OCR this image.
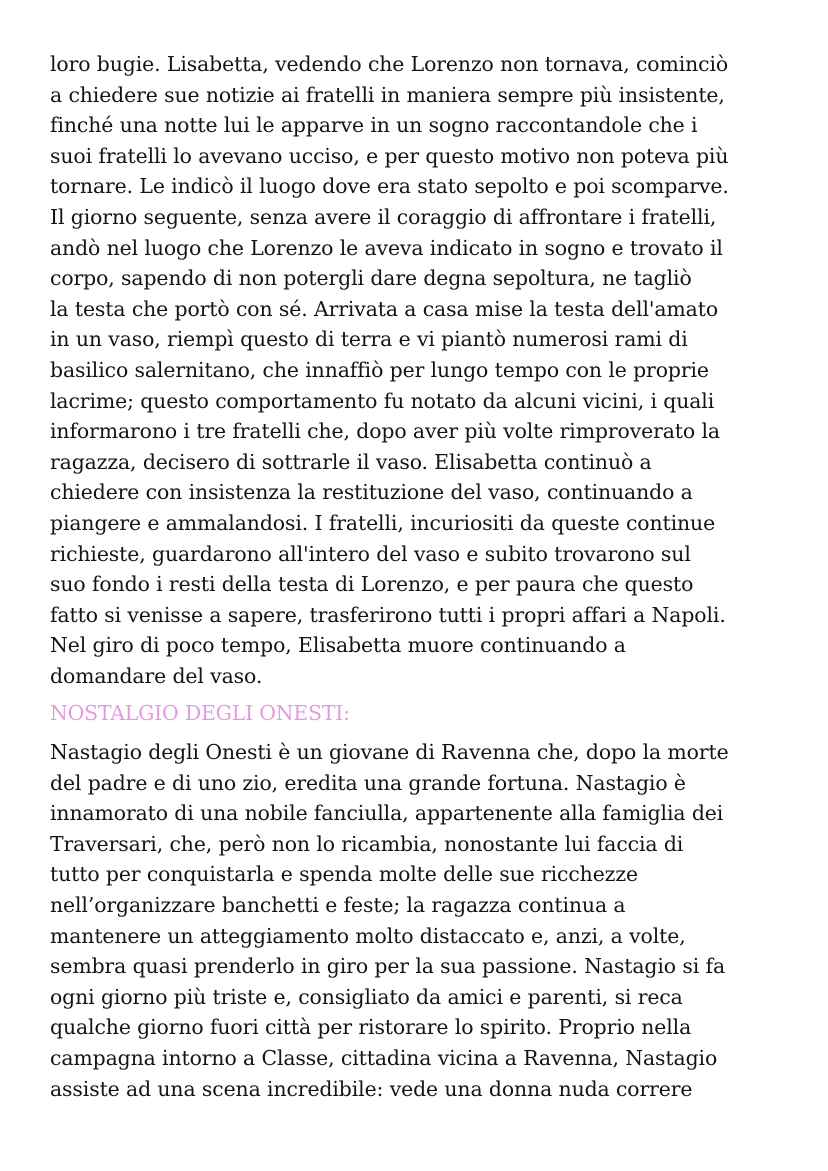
loro bugie. Lisabetta, vedendo che Lorenzo non tornava, cominciò
a chiedere sue notizie ai fratelli in maniera sempre più insistente,
finché una notte lui le apparve in un sogno raccontandole che i
suoi fratelli lo avevano ucciso, e per questo motivo non poteva più
tornare. Le indicò il luogo dove era stato sepolto e poi scomparve.
Il giorno seguente, senza avere il coraggio di affrontare i fratelli,
andò nel luogo che Lorenzo le aveva indicato in sogno e trovato il
corpo, sapendo di non potergli dare degna sepoltura, ne tagliò
la testa che portò con sé. Arrivata a casa mise la testa dell'amato
in un vaso, riempì questo di terra e vi piantò numerosi rami di
basilico salernitano, che innaffiò per lungo tempo con le proprie
lacrime; questo comportamento fu notato da alcuni vicini, i quali
informarono i tre fratelli che, dopo aver più volte rimproverato la
ragazza, decisero di sottrarle il vaso. Elisabetta continuò a
chiedere con insistenza la restituzione del vaso, continuando a
piangere e ammalandosi. I fratelli, incuriositi da queste continue
richieste, guardarono all'intero del vaso e subito trovarono sul
suo fondo i resti della testa di Lorenzo, e per paura che questo
fatto si venisse a sapere, trasferirono tutti i propri affari a Napoli.
Nel giro di poco tempo, Elisabetta muore continuando a
domandare del vaso.
NOSTALGIO DEGLI ONESTI:
Nastagio degli Onesti è un giovane di Ravenna che, dopo la morte
del padre e di uno zio, eredita una grande fortuna. Nastagio è
innamorato di una nobile fanciulla, appartenente alla famiglia dei
Traversari, che, però non lo ricambia, nonostante lui faccia di
tutto per conquistarla e spenda molte delle sue ricchezze
nell’organizzare banchetti e feste; la ragazza continua a
mantenere un atteggiamento molto distaccato e, anzi, a volte,
sembra quasi prenderlo in giro per la sua passione. Nastagio si fa
ogni giorno più triste e, consigliato da amici e parenti, si reca
qualche giorno fuori città per ristorare lo spirito. Proprio nella
campagna intorno a Classe, cittadina vicina a Ravenna, Nastagio
assiste ad una scena incredibile: vede una donna nuda correre
